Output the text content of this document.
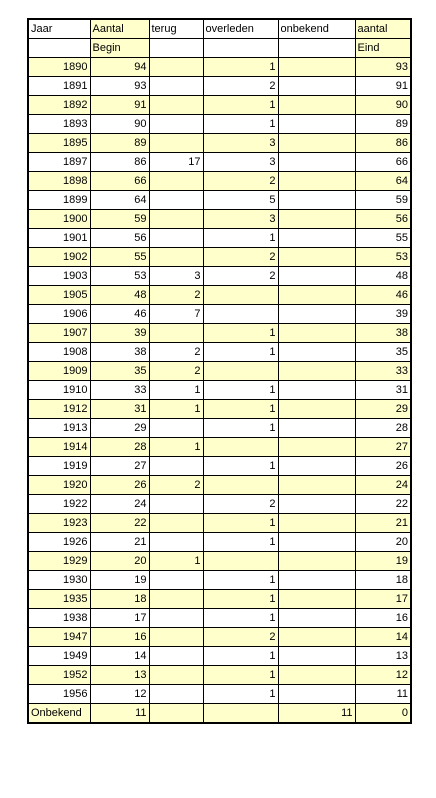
Jaar	Aantal	terug	overleden	onbekend	aantal
	Begin				Eind
1890	94		1		93
1891	93		2		91
1892	91		1		90
1893	90		1		89
1895	89		3		86
1897	86	17	3		66
1898	66		2		64
1899	64		5		59
1900	59		3		56
1901	56		1		55
1902	55		2		53
1903	53	3	2		48
1905	48	2			46
1906	46	7			39
1907	39		1		38
1908	38	2	1		35
1909	35	2			33
1910	33	1	1		31
1912	31	1	1		29
1913	29		1		28
1914	28	1			27
1919	27		1		26
1920	26	2			24
1922	24		2		22
1923	22		1		21
1926	21		1		20
1929	20	1			19
1930	19		1		18
1935	18		1		17
1938	17		1		16
1947	16		2		14
1949	14		1		13
1952	13		1		12
1956	12		1		11
Onbekend	11			11	0
